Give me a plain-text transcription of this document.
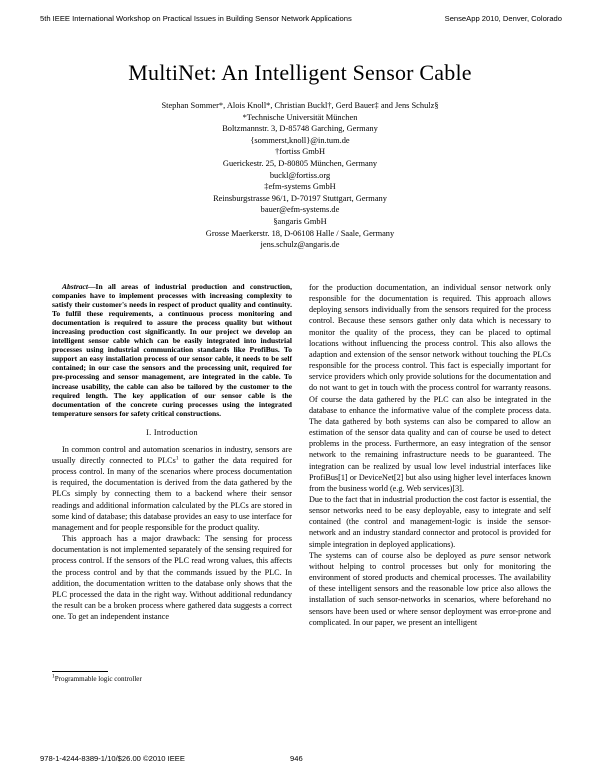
5th IEEE International Workshop on Practical Issues in Building Sensor Network Applications	SenseApp 2010, Denver, Colorado
MultiNet: An Intelligent Sensor Cable
Stephan Sommer*, Alois Knoll*, Christian Buckl†, Gerd Bauer‡ and Jens Schulz§
*Technische Universität München
Boltzmannstr. 3, D-85748 Garching, Germany
{sommerst,knoll}@in.tum.de
†fortiss GmbH
Guerickestr. 25, D-80805 München, Germany
buckl@fortiss.org
‡efm-systems GmbH
Reinsburgstrasse 96/1, D-70197 Stuttgart, Germany
bauer@efm-systems.de
§angaris GmbH
Grosse Maerkerstr. 18, D-06108 Halle / Saale, Germany
jens.schulz@angaris.de

Abstract—In all areas of industrial production and construction, companies have to implement processes with increasing complexity to satisfy their customer's needs in respect of product quality and continuity. To fulfil these requirements, a continuous process monitoring and documentation is required to assure the process quality but without increasing production cost significantly. In our project we develop an intelligent sensor cable which can be easily integrated into industrial processes using industrial communication standards like ProfiBus. To support an easy installation process of our sensor cable, it needs to be self contained; in our case the sensors and the processing unit, required for pre-processing and sensor management, are integrated in the cable. To increase usability, the cable can also be tailored by the customer to the required length. The key application of our sensor cable is the documentation of the concrete curing processes using the integrated temperature sensors for safety critical constructions.

I. Introduction

In common control and automation scenarios in industry, sensors are usually directly connected to PLCs$^1$ to gather the data required for process control. In many of the scenarios where process documentation is required, the documentation is derived from the data gathered by the PLCs simply by connecting them to a backend where their sensor readings and additional information calculated by the PLCs are stored in some kind of database; this database provides an easy to use interface for management and for people responsible for the product quality.

This approach has a major drawback: The sensing for process documentation is not implemented separately of the sensing required for process control. If the sensors of the PLC read wrong values, this affects the process control and by that the commands issued by the PLC. In addition, the documentation written to the database only shows that the PLC processed the data in the right way. Without additional redundancy the result can be a broken process where gathered data suggests a correct one. To get an independent instance

for the production documentation, an individual sensor network only responsible for the documentation is required. This approach allows deploying sensors individually from the sensors required for the process control. Because these sensors gather only data which is necessary to monitor the quality of the process, they can be placed to optimal locations without influencing the process control. This also allows the adaption and extension of the sensor network without touching the PLCs responsible for the process control. This fact is especially important for service providers which only provide solutions for the documentation and do not want to get in touch with the process control for warranty reasons. Of course the data gathered by the PLC can also be integrated in the database to enhance the informative value of the complete process data. The data gathered by both systems can also be compared to allow an estimation of the sensor data quality and can of course be used to detect problems in the process. Furthermore, an easy integration of the sensor network to the remaining infrastructure needs to be guaranteed. The integration can be realized by usual low level industrial interfaces like ProfiBus[1] or DeviceNet[2] but also using higher level interfaces known from the business world (e.g. Web services)[3].

Due to the fact that in industrial production the cost factor is essential, the sensor networks need to be easy deployable, easy to integrate and self contained (the control and management-logic is inside the sensor-network and an industry standard connector and protocol is provided for simple integration in deployed applications).

The systems can of course also be deployed as pure sensor network without helping to control processes but only for monitoring the environment of stored products and chemical processes. The availability of these intelligent sensors and the reasonable low price also allows the installation of such sensor-networks in scenarios, where beforehand no sensors have been used or where sensor deployment was error-prone and complicated. In our paper, we present an intelligent

$^1$Programmable logic controller
978-1-4244-8389-1/10/$26.00 ©2010 IEEE	946
